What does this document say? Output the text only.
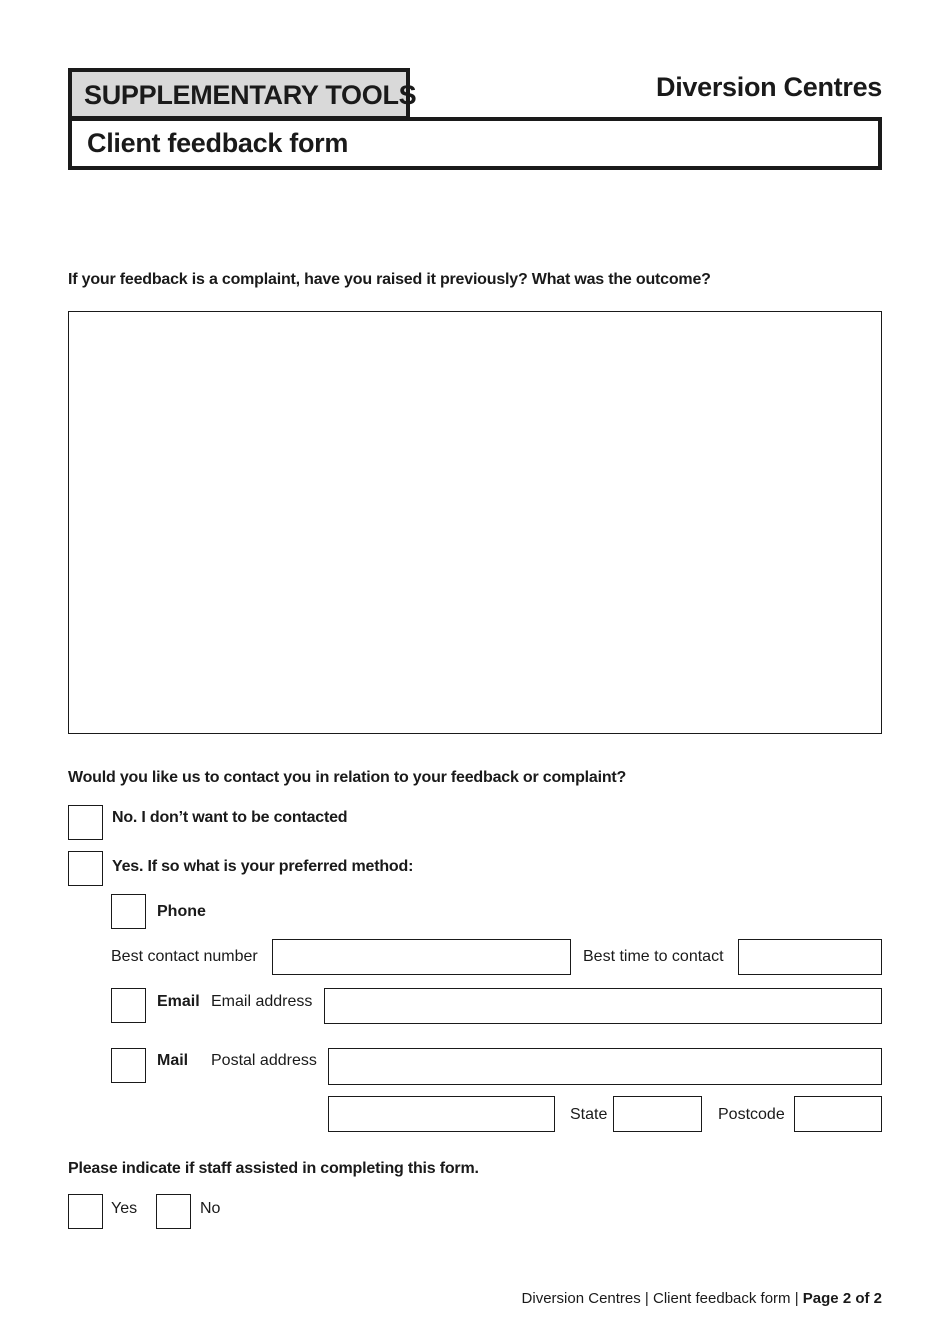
SUPPLEMENTARY TOOLS	Diversion Centres
Client feedback form
If your feedback is a complaint, have you raised it previously? What was the outcome?
Would you like us to contact you in relation to your feedback or complaint?
No. I don’t want to be contacted
Yes. If so what is your preferred method:
Phone
Best contact number	Best time to contact
Email Email address
Mail Postal address
State	Postcode
Please indicate if staff assisted in completing this form.
Yes	No
Diversion Centres | Client feedback form | Page 2 of 2
